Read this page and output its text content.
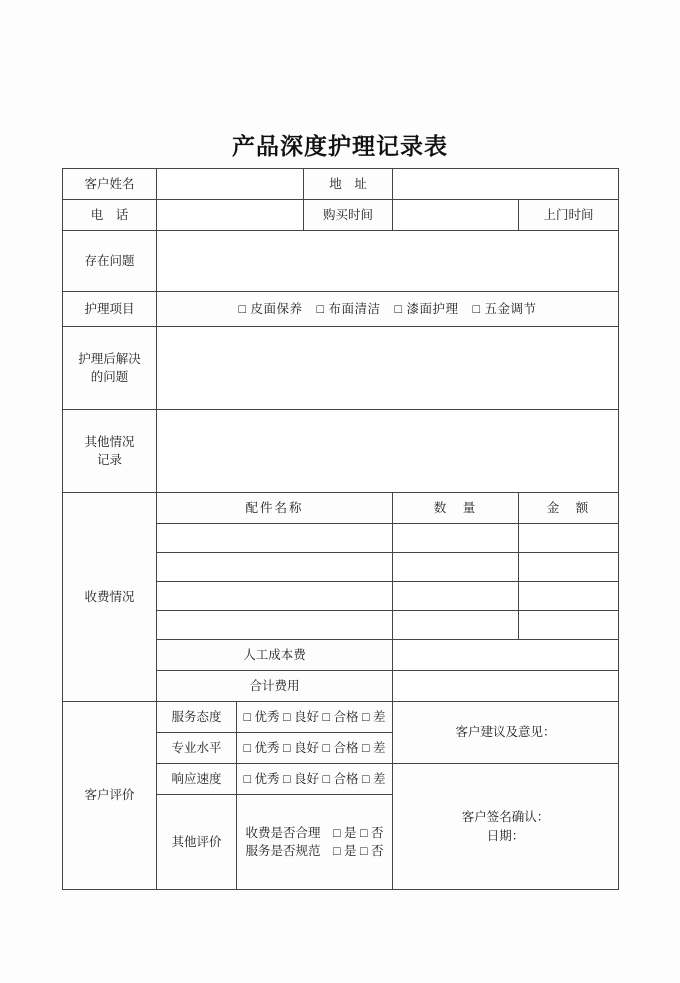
产品深度护理记录表
客户姓名			地　址		
电　话			购买时间		上门时间
存在问题					
护理项目	□ 皮面保养 □ 布面清洁 □ 漆面护理 □ 五金调节				

护理后解决
的问题					

其他情况
记录					

收费情况	配件名称			数　量	金　额

	人工成本费				
	合计费用				
客户评价	服务态度	□ 优秀 □ 良好 □ 合格 □ 差		客户建议及意见：	
	专业水平	□ 优秀 □ 良好 □ 合格 □ 差			
	响应速度	□ 优秀 □ 良好 □ 合格 □ 差		客户签名确认：
日期：	

	其他评价	收费是否合理　□ 是 □ 否
服务是否规范　□ 是 □ 否			
